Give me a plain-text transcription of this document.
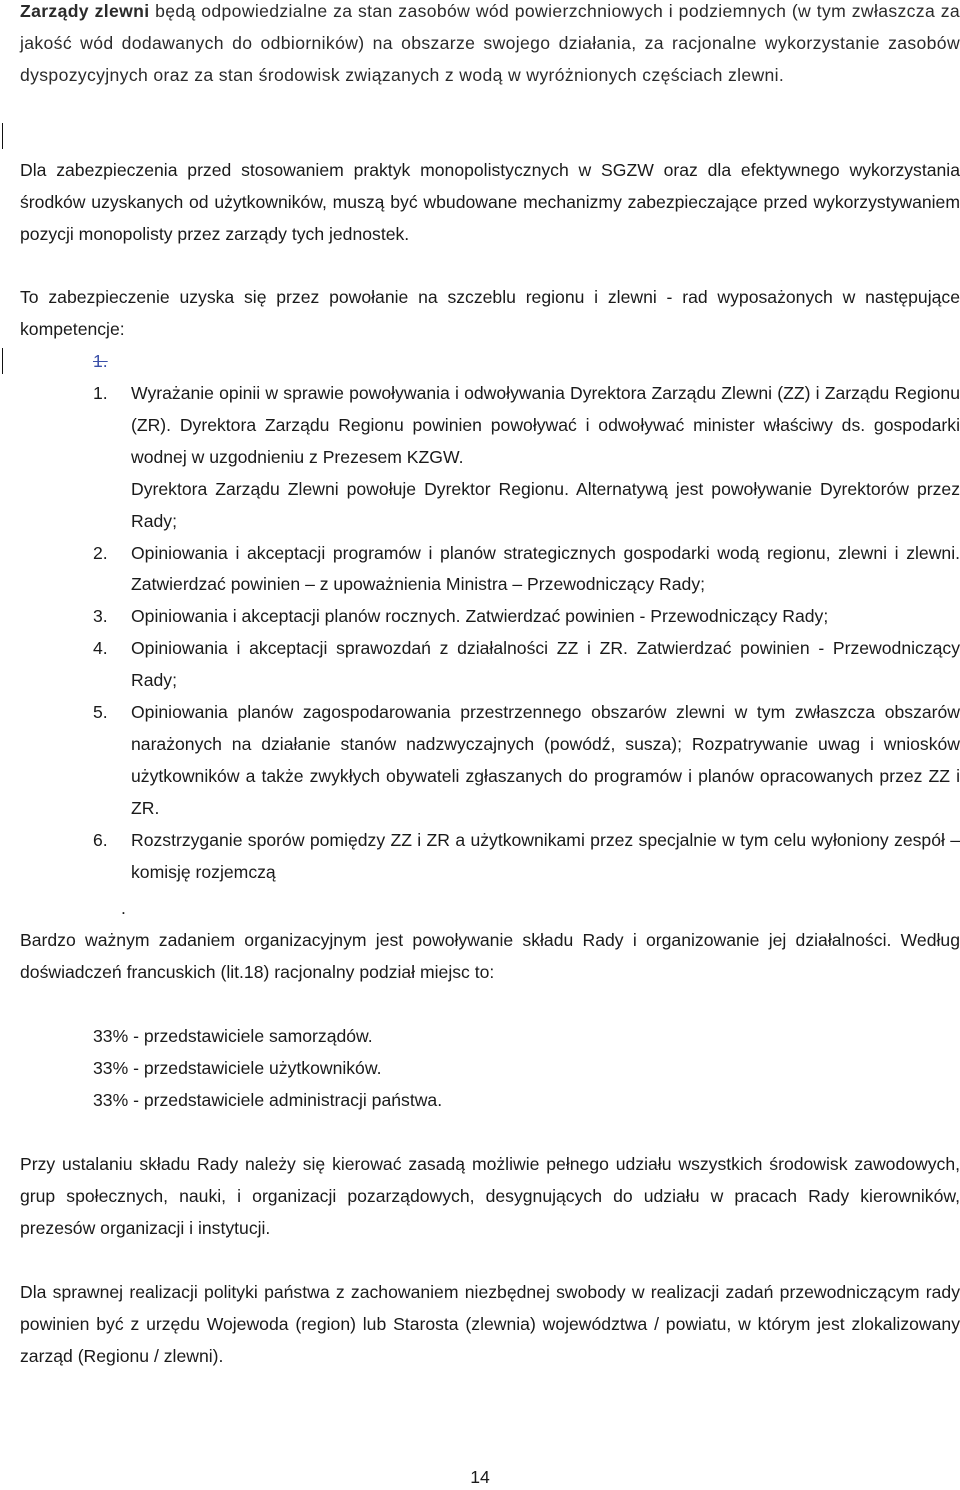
Zarządy zlewni będą odpowiedzialne za stan zasobów wód powierzchniowych i podziemnych (w tym zwłaszcza za jakość wód dodawanych do odbiorników) na obszarze swojego działania, za racjonalne wykorzystanie zasobów dyspozycyjnych oraz za stan środowisk związanych z wodą w wyróżnionych częściach zlewni.

Dla zabezpieczenia przed stosowaniem praktyk monopolistycznych w SGZW oraz dla efektywnego wykorzystania środków uzyskanych od użytkowników, muszą być wbudowane mechanizmy zabezpieczające przed wykorzystywaniem pozycji monopolisty przez zarządy tych jednostek.

To zabezpieczenie uzyska się przez powołanie na szczeblu regionu i zlewni - rad wyposażonych w następujące kompetencje:

1.
1. Wyrażanie opinii w sprawie powoływania i odwoływania Dyrektora Zarządu Zlewni (ZZ) i Zarządu Regionu (ZR). Dyrektora Zarządu Regionu powinien powoływać i odwoływać minister właściwy ds. gospodarki wodnej w uzgodnieniu z Prezesem KZGW.
Dyrektora Zarządu Zlewni powołuje Dyrektor Regionu. Alternatywą jest powoływanie Dyrektorów przez Rady;
2. Opiniowania i akceptacji programów i planów strategicznych gospodarki wodą regionu, zlewni i zlewni. Zatwierdzać powinien – z upoważnienia Ministra – Przewodniczący Rady;
3. Opiniowania i akceptacji planów rocznych. Zatwierdzać powinien - Przewodniczący Rady;
4. Opiniowania i akceptacji sprawozdań z działalności ZZ i ZR. Zatwierdzać powinien - Przewodniczący Rady;
5. Opiniowania planów zagospodarowania przestrzennego obszarów zlewni w tym zwłaszcza obszarów narażonych na działanie stanów nadzwyczajnych (powódź, susza); Rozpatrywanie uwag i wniosków użytkowników a także zwykłych obywateli zgłaszanych do programów i planów opracowanych przez ZZ i ZR.
6. Rozstrzyganie sporów pomiędzy ZZ i ZR a użytkownikami przez specjalnie w tym celu wyłoniony zespół – komisję rozjemczą
.

Bardzo ważnym zadaniem organizacyjnym jest powoływanie składu Rady i organizowanie jej działalności. Według doświadczeń francuskich (lit.18) racjonalny podział miejsc to:

33% - przedstawiciele samorządów.

33% - przedstawiciele użytkowników.

33% - przedstawiciele administracji państwa.

Przy ustalaniu składu Rady należy się kierować zasadą możliwie pełnego udziału wszystkich środowisk zawodowych, grup społecznych, nauki, i organizacji pozarządowych, desygnujących do udziału w pracach Rady kierowników, prezesów organizacji i instytucji.

Dla sprawnej realizacji polityki państwa z zachowaniem niezbędnej swobody w realizacji zadań przewodniczącym rady powinien być z urzędu Wojewoda (region) lub Starosta (zlewnia) województwa / powiatu, w którym jest zlokalizowany zarząd (Regionu / zlewni).

14
